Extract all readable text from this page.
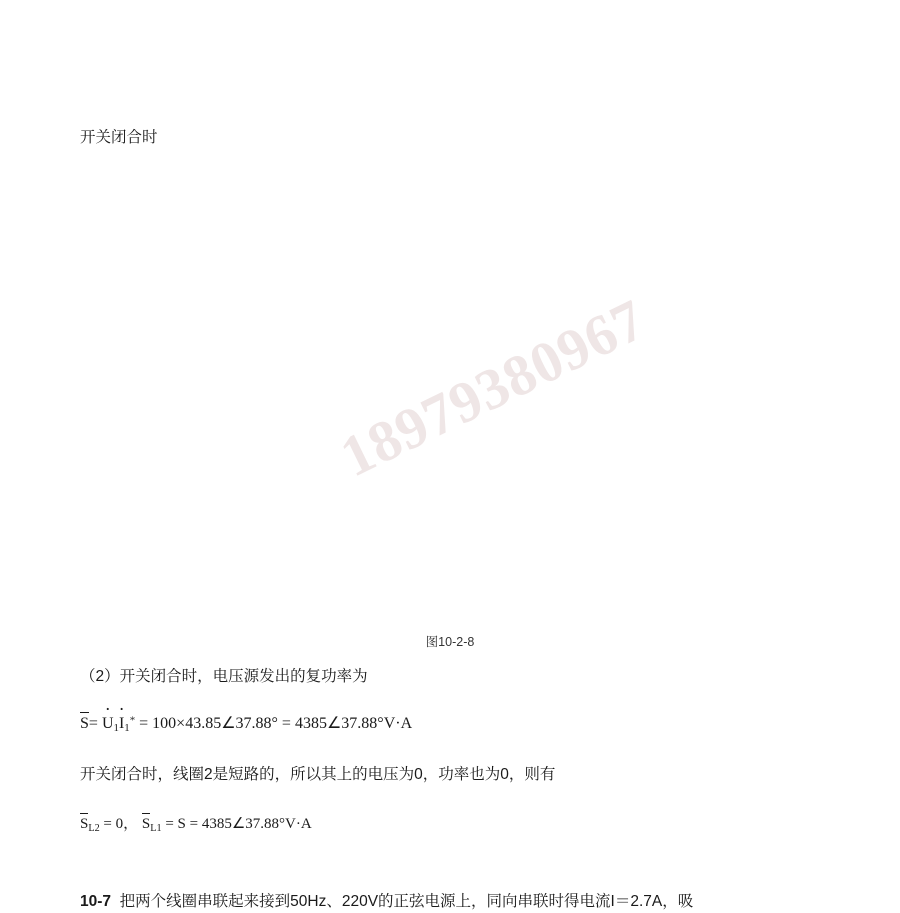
18979380967
开关闭合时
图10-2-8
（2）开关闭合时，电压源发出的复功率为
$S= U \cdot_1I \cdot_1^*$ = 100×43.85∠37.88° = 4385∠37.88°V·A
开关闭合时，线圈2是短路的，所以其上的电压为0，功率也为0，则有
$S_{L2} = 0$， $S_{L1} = S$ = 4385∠37.88°V·A
10-7 把两个线圈串联起来接到50Hz、220V的正弦电源上，同向串联时得电流I＝2.7A，吸
